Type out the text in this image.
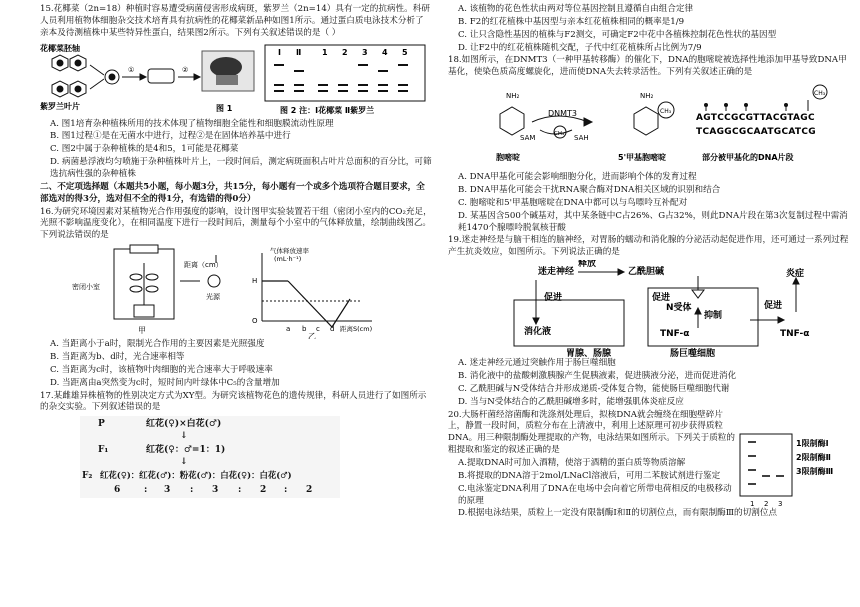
15.花椰菜（2n=18）种植时容易遭受病菌侵害形成病斑，紫罗兰（2n=14）具有一定的抗病性。科研人员利用植物体细胞杂交技术培育具有抗病性的花椰菜新品种如图1所示。通过蛋白质电泳技术分析了亲本及待测植株中某些特异性蛋白，结果图2所示。下列有关叙述错误的是（ ）

花椰菜胚轴
紫罗兰叶片
①	②
图 1
Ⅰ Ⅱ	1 2 3 4 5
图 2 注：Ⅰ花椰菜 Ⅱ紫罗兰

A. 图1培育杂种植株所用的技术体现了植物细胞全能性和细胞膜流动性原理

B. 图1过程①是在无菌水中进行，过程②是在固体培养基中进行

C. 图2中属于杂种植株的是4和5，1可能是花椰菜

D. 病菌悬浮液均匀喷施于杂种植株叶片上，一段时间后，测定病斑面积占叶片总面积的百分比，可筛选抗病性强的杂种植株

二、不定项选择题（本题共5小题，每小题3分，共15分，每小题有一个或多个选项符合题目要求，全部选对的得3分，选对但不全的得1分，有选错的得0分）

16.为研究环境因素对某植物光合作用强度的影响，设计图甲实验装置若干组（密闭小室内的CO₂充足，光照不影响温度变化），在相同温度下进行一段时间后，测量每个小室中的气体释放量，绘制曲线图乙。下列说法错误的是

密闭小室
距离（cm）
光源
甲
气体释放速率
(mL·h⁻¹)
H
O
a b c d 距离S(cm)
乙

A. 当距离小于a时，限制光合作用的主要因素是光照强度

B. 当距离为b、d时，光合速率相等

C. 当距离为c时，该植物叶肉细胞的光合速率大于呼吸速率

D. 当距离由a突然变为c时，短时间内叶绿体中C₅的含量增加

17.某雌雄异株植物的性别决定方式为XY型。为研究该植物花色的遗传规律，科研人员进行了如图所示的杂交实验。下列叙述错误的是

P	红花(♀)×白花(♂)
↓
F₁	红花(♀：♂=1：1)
↓
F₂ 红花(♀)：红花(♂)：粉花(♂)：白花(♀)：白花(♂)
6	: 3 : 3 : 2 : 2

A. 该植物的花色性状由两对等位基因控制且遵循自由组合定律

B. F2的红花植株中基因型与亲本红花植株相同的概率是1/9

C. 让只含隐性基因的植株与F2测交，可确定F2中花中各植株控制花色性状的基因型

D. 让F2中的红花植株随机交配，子代中红花植株所占比例为7/9

18.如图所示，在DNMT3（一种甲基转移酶）的催化下，DNA的胞嘧啶被选择性地添加甲基导致DNA甲基化，使染色质高度螺旋化，进而使DNA失去转录活性。下列有关叙述正确的是

NH₂	NH₂
DNMT3
SAM	SAH
CH₃
CH₃
CH₃
AGTCCGCGTTACGTAGC
TCAGGCGCAATGCATCG
胞嘧啶	5'甲基胞嘧啶	部分被甲基化的DNA片段

A. DNA甲基化可能会影响细胞分化，进而影响个体的发育过程

B. DNA甲基化可能会干扰RNA聚合酶对DNA相关区域的识别和结合

C. 胞嘧啶和5'甲基胞嘧啶在DNA中都可以与鸟嘌呤互补配对

D. 某基因含500个碱基对，其中某条链中C占26%、G占32%，则此DNA片段在第3次复制过程中需消耗1470个腺嘌呤脱氧核苷酸

19.迷走神经是与脑干相连的脑神经，对胃肠的蠕动和消化腺的分泌活动起促进作用，还可通过一系列过程产生抗炎效应，如图所示。下列说法正确的是

迷走神经
释放
乙酰胆碱
促进
消化液
胃腺、肠腺
促进
N受体
抑制
TNF-α
促进
炎症
TNF-α
肠巨噬细胞

A. 迷走神经元通过突触作用于肠巨噬细胞

B. 消化液中的盐酸刺激胰腺产生促胰液素，促进胰液分泌，进而促进消化

C. 乙酰胆碱与N受体结合并形成递质-受体复合物，能使肠巨噬细胞代谢

D. 当与N受体结合的乙酰胆碱增多时，能增强肌体炎症反应

20.大肠杆菌经溶菌酶和洗涤剂处理后，拟核DNA就会缠绕在细胞壁碎片上，静置一段时间，质粒分布在上清液中，利用上述原理可初步获得质粒DNA。用三种限制酶处理提取的产物，电泳结果如图所示。下列关于质粒的粗提取和鉴定的叙述正确的是

A.提取DNA时可加入酒精，使溶于酒精的蛋白质等物质溶解

B.将提取的DNA溶于2mol/LNaCl溶液后，可用二苯胺试剂进行鉴定

C.电泳鉴定DNA利用了DNA在电场中会向着它所带电荷相反的电极移动的原理

1限制酶Ⅰ
2限制酶Ⅱ
3限制酶Ⅲ
1 2 3

D.根据电泳结果，质粒上一定没有限制酶Ⅰ和Ⅱ的切割位点，而有限制酶Ⅲ的切割位点
